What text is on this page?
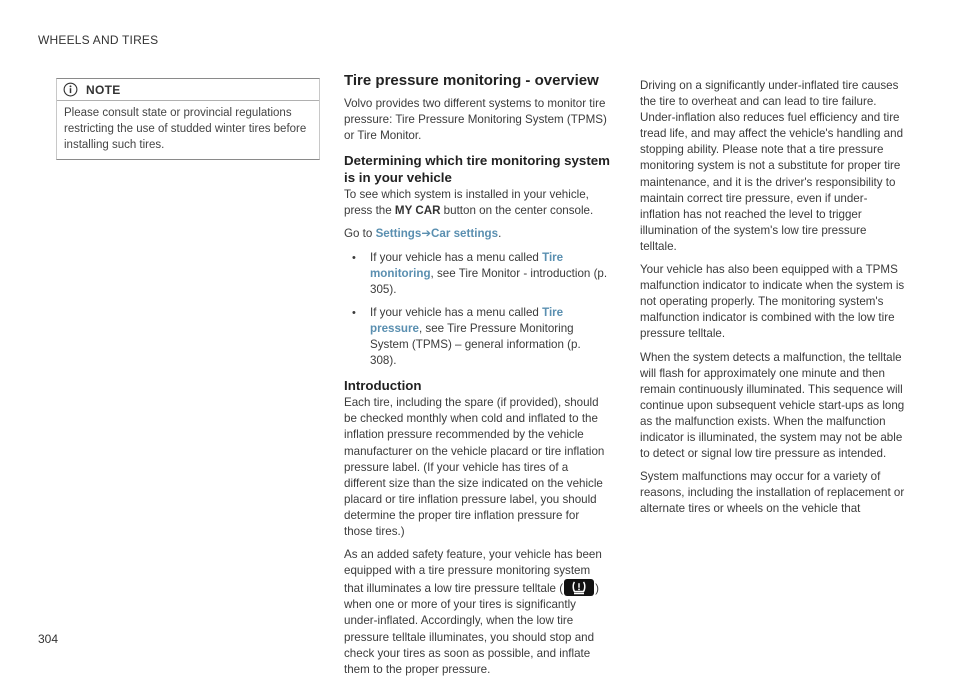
WHEELS AND TIRES
NOTE
Please consult state or provincial regulations restricting the use of studded winter tires before installing such tires.
Tire pressure monitoring - overview

Volvo provides two different systems to monitor tire pressure: Tire Pressure Monitoring System (TPMS) or Tire Monitor.

Determining which tire monitoring system is in your vehicle

To see which system is installed in your vehicle, press the MY CAR button on the center console.

Go to Settings➔Car settings.

• If your vehicle has a menu called Tire monitoring, see Tire Monitor - introduction (p. 305).
• If your vehicle has a menu called Tire pressure, see Tire Pressure Monitoring System (TPMS) – general information (p. 308).
Introduction

Each tire, including the spare (if provided), should be checked monthly when cold and inflated to the inflation pressure recommended by the vehicle manufacturer on the vehicle placard or tire inflation pressure label. (If your vehicle has tires of a different size than the size indicated on the vehicle placard or tire inflation pressure label, you should determine the proper tire inflation pressure for those tires.)

As an added safety feature, your vehicle has been equipped with a tire pressure monitoring system that illuminates a low tire pressure telltale (	) when one or more of your tires is significantly under-inflated. Accordingly, when the low tire pressure telltale illuminates, you should stop and check your tires as soon as possible, and inflate them to the proper pressure.

Driving on a significantly under-inflated tire causes the tire to overheat and can lead to tire failure. Under-inflation also reduces fuel efficiency and tire tread life, and may affect the vehicle's handling and stopping ability. Please note that a tire pressure monitoring system is not a substitute for proper tire maintenance, and it is the driver's responsibility to maintain correct tire pressure, even if under-inflation has not reached the level to trigger illumination of the system's low tire pressure telltale.

Your vehicle has also been equipped with a TPMS malfunction indicator to indicate when the system is not operating properly. The monitoring system's malfunction indicator is combined with the low tire pressure telltale.

When the system detects a malfunction, the telltale will flash for approximately one minute and then remain continuously illuminated. This sequence will continue upon subsequent vehicle start-ups as long as the malfunction exists. When the malfunction indicator is illuminated, the system may not be able to detect or signal low tire pressure as intended.

System malfunctions may occur for a variety of reasons, including the installation of replacement or alternate tires or wheels on the vehicle that

304
